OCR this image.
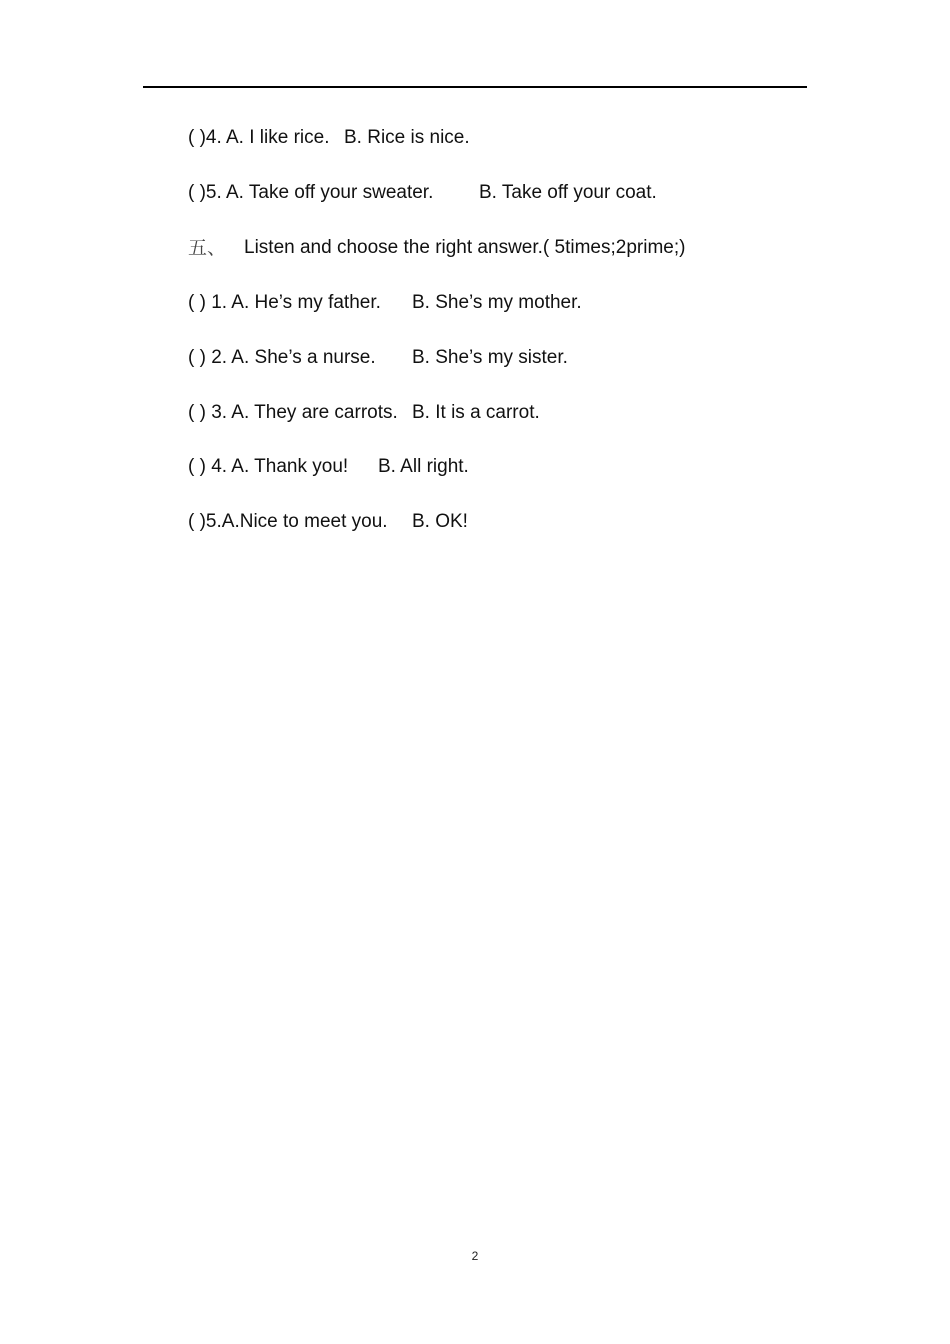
( )4. A. I like rice.

B. Rice is nice.

( )5. A. Take off your sweater.

B. Take off your coat.

五、

Listen and choose the right answer.( 5times;2prime;)

( ) 1. A. He’s my father.

B. She’s my mother.

( ) 2. A. She’s a nurse.

B. She’s my sister.

( ) 3. A. They are carrots.

B. It is a carrot.

( ) 4. A. Thank you!

B. All right.

( )5.A.Nice to meet you.

B. OK!

2
